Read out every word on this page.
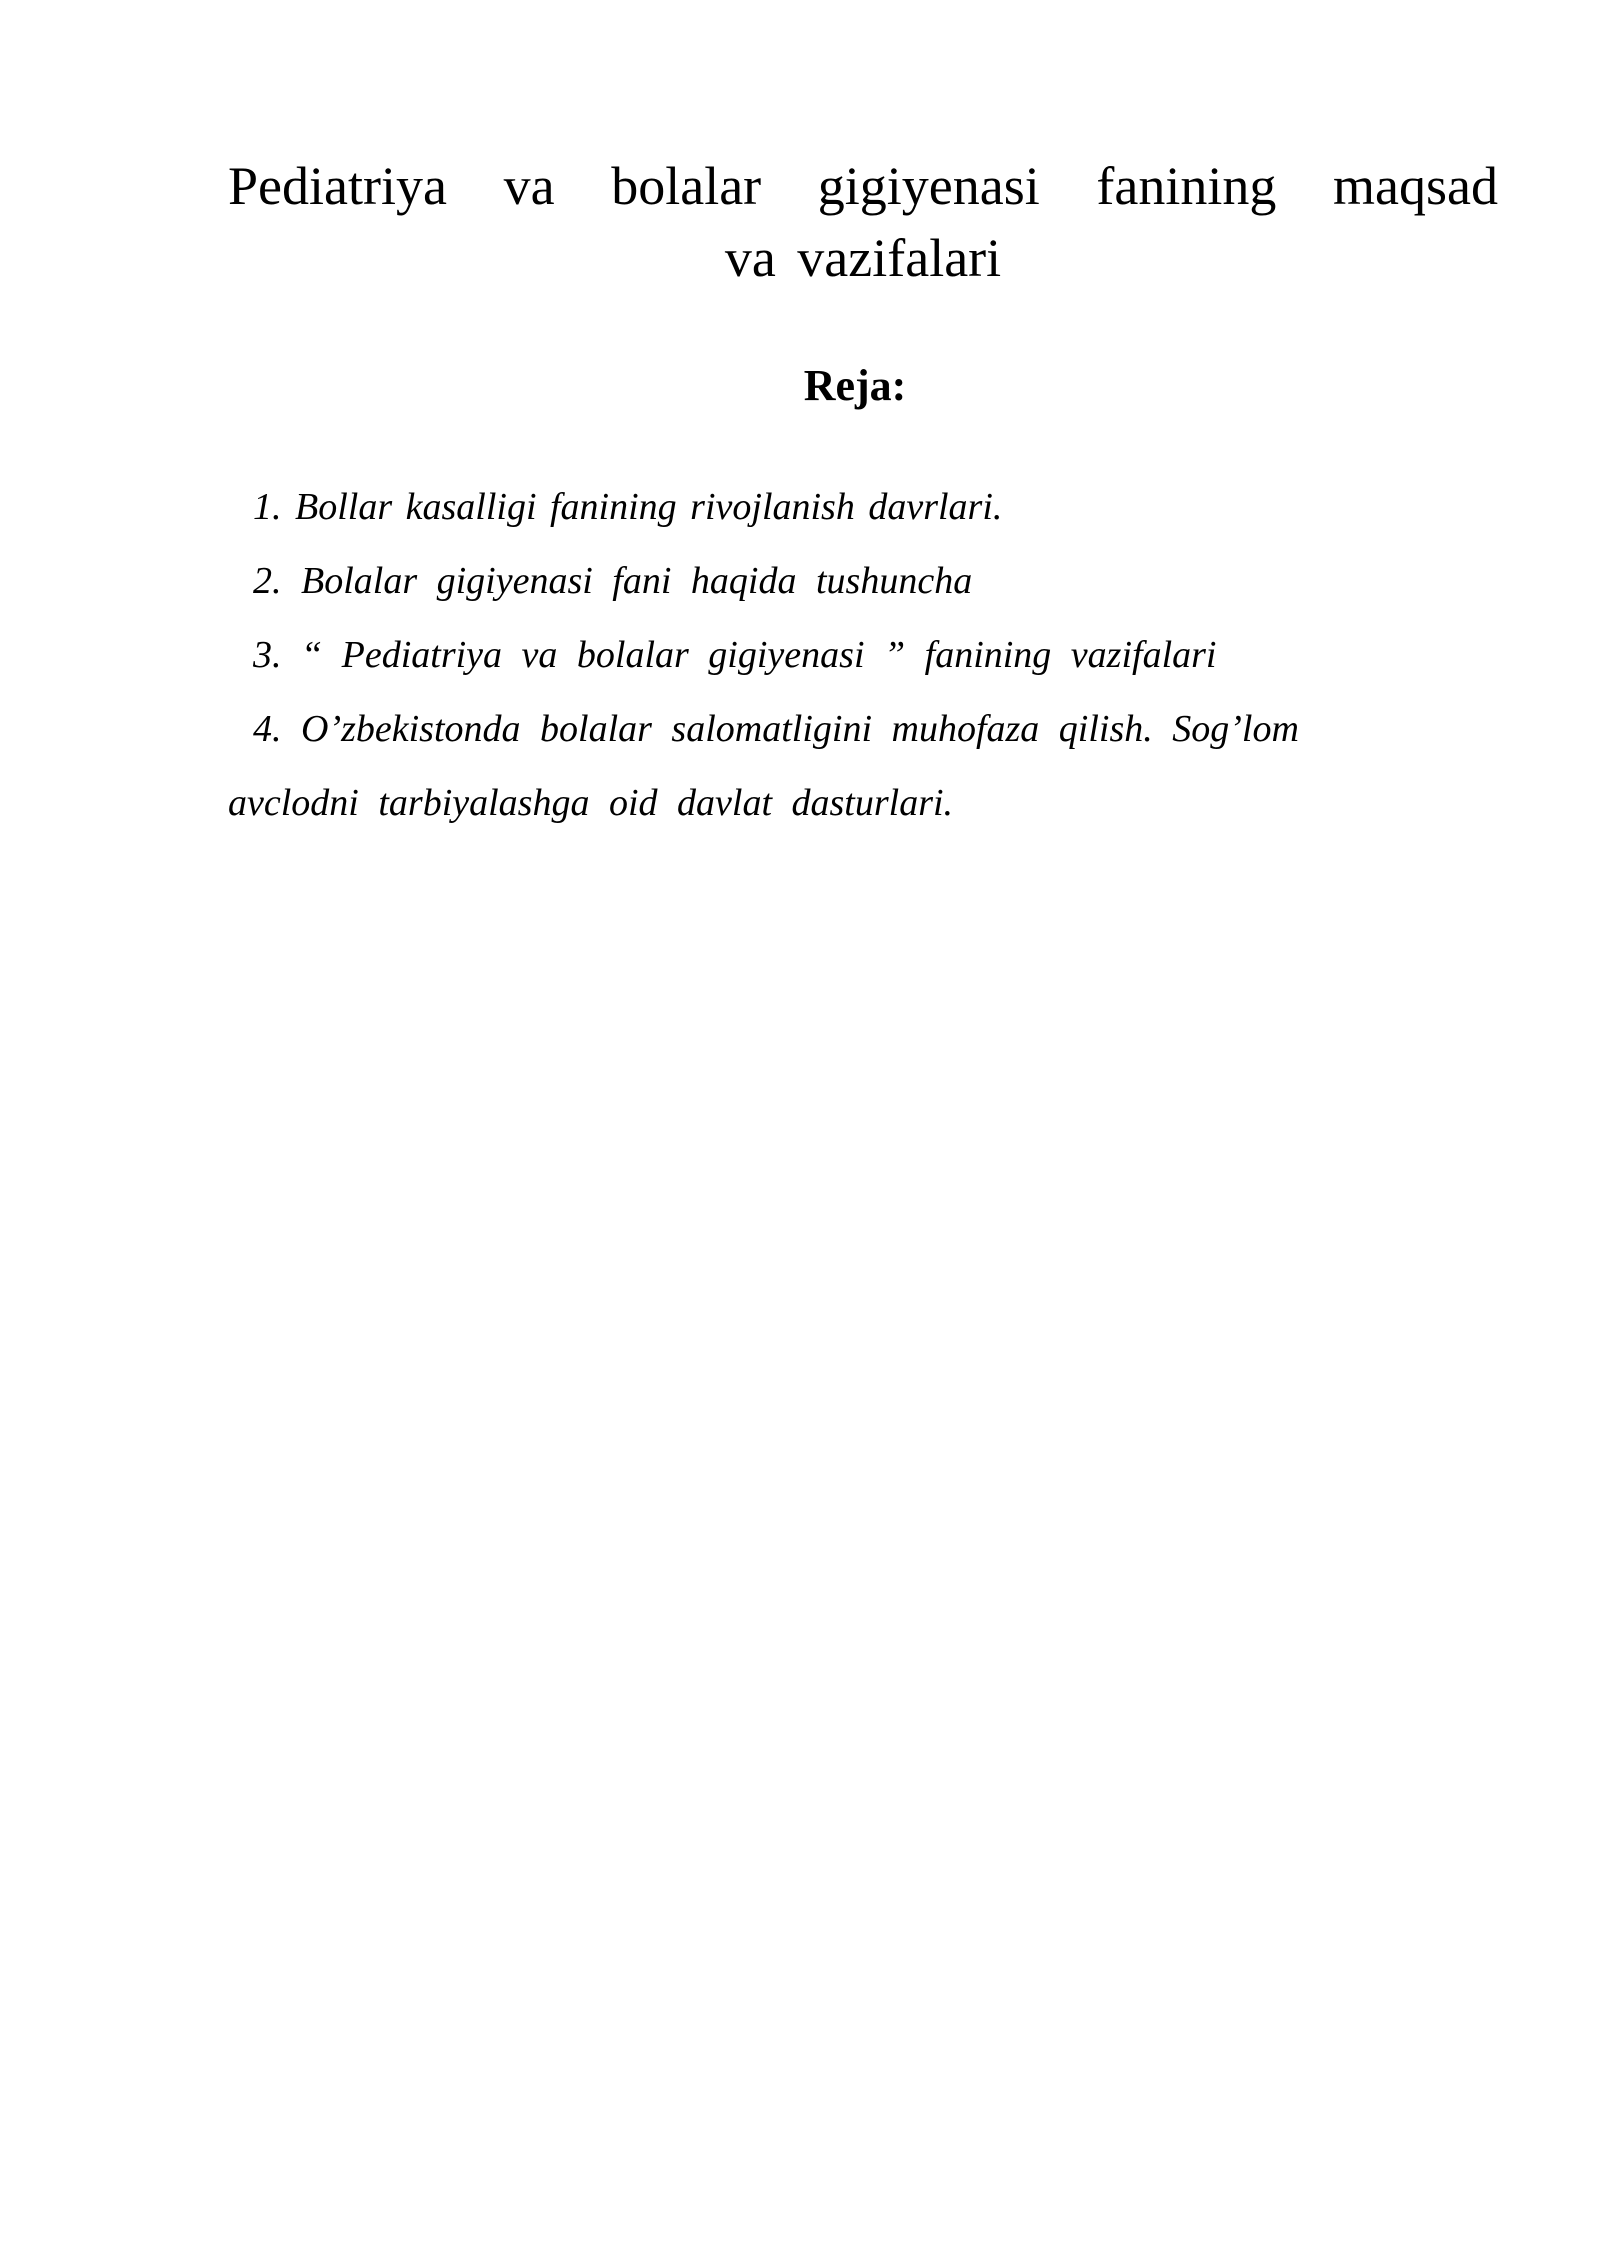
Pediatriya va bolalar gigiyenasi fanining maqsad
va vazifalari
Reja:
1. Bollar kasalligi fanining rivojlanish davrlari.
2. Bolalar gigiyenasi fani haqida tushuncha
3. “ Pediatriya va bolalar gigiyenasi ” fanining vazifalari
4. O’zbekistonda bolalar salomatligini muhofaza qilish. Sog’lom
avclodni tarbiyalashga oid davlat dasturlari.
